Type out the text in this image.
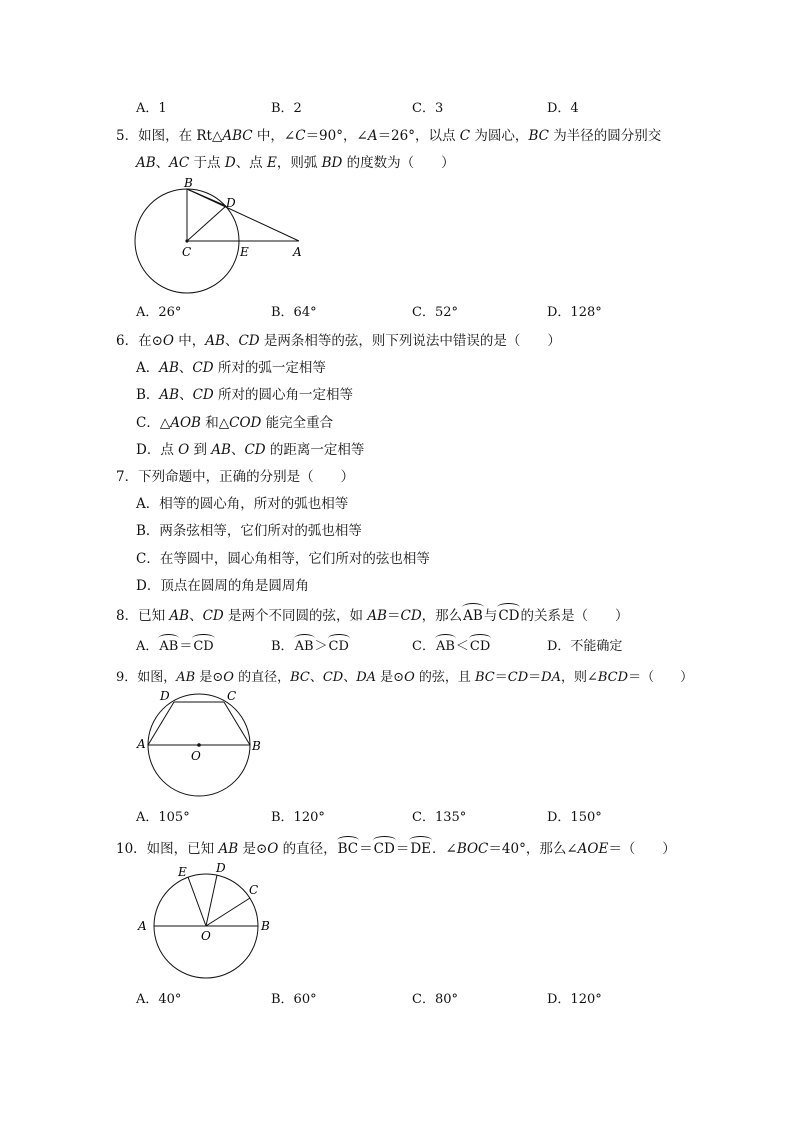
A．1	B．2	C．3	D．4
5．如图，在 Rt△ABC 中，∠C＝90°，∠A＝26°，以点 C 为圆心，BC 为半径的圆分别交
AB、AC 于点 D、点 E，则弧 BD 的度数为（　　）
B
D
C	E	A
A．26°	B．64°	C．52°	D．128°
6．在⊙O 中，AB、CD 是两条相等的弦，则下列说法中错误的是（　　）
A．AB、CD 所对的弧一定相等
B．AB、CD 所对的圆心角一定相等
C．△AOB 和△COD 能完全重合
D．点 O 到 AB、CD 的距离一定相等
7．下列命题中，正确的分别是（　　）
A．相等的圆心角，所对的弧也相等
B．两条弦相等，它们所对的弧也相等
C．在等圆中，圆心角相等，它们所对的弦也相等
D．顶点在圆周的角是圆周角
8．已知 AB、CD 是两个不同圆的弦，如 AB＝CD，那么AB与CD的关系是（　　）
A．AB＝CD	B．AB＞CD	C．AB＜CD	D．不能确定
9．如图，AB 是⊙O 的直径，BC、CD、DA 是⊙O 的弦，且 BC＝CD＝DA，则∠BCD＝（　　）
D	C
A	B
O
A．105°	B．120°	C．135°	D．150°
10．如图，已知 AB 是⊙O 的直径，BC＝CD＝DE．∠BOC＝40°，那么∠AOE＝（　　）
E D
C
A
O
B
A．40°	B．60°	C．80°	D．120°
